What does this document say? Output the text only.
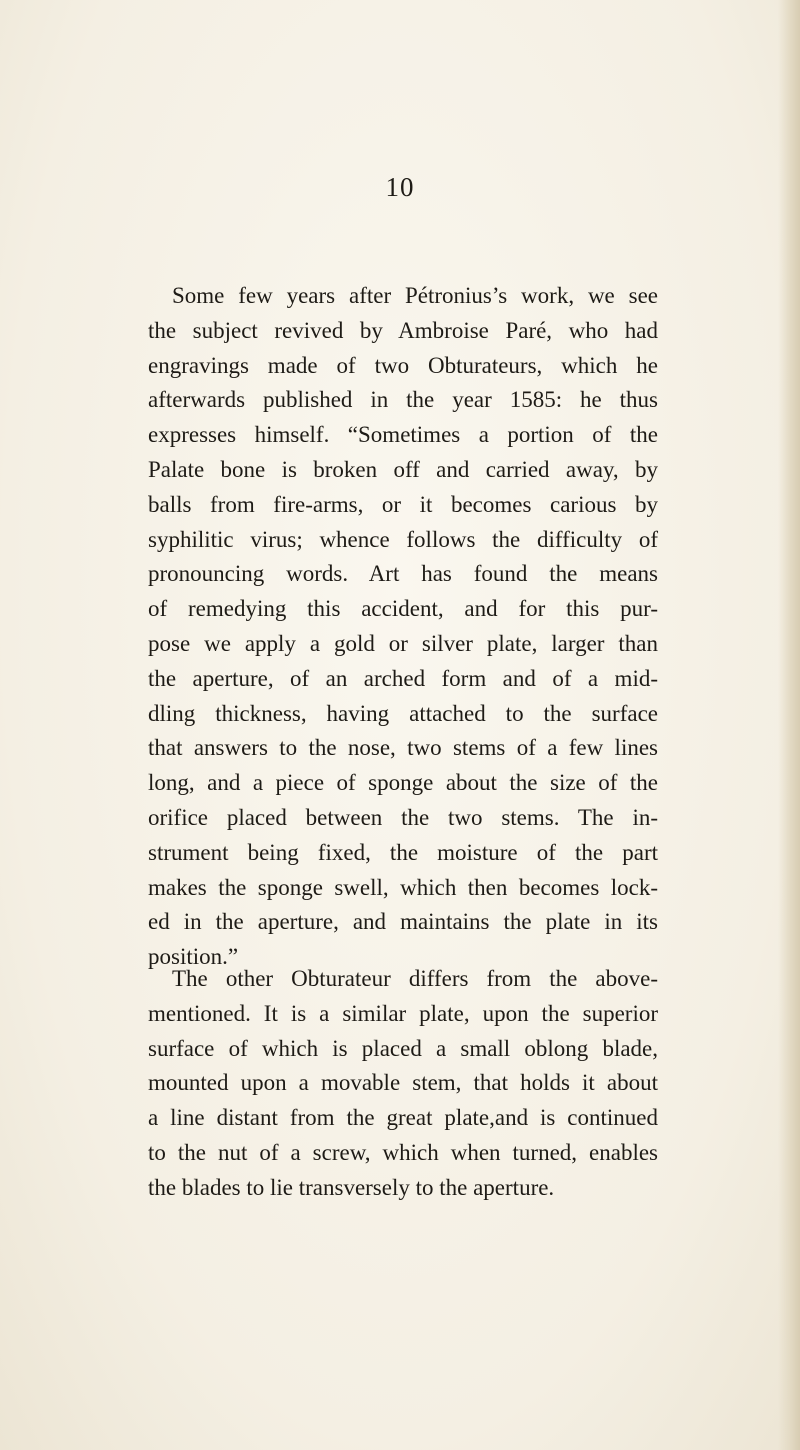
10
Some few years after Pétronius’s work, we see
the subject revived by Ambroise Paré, who had
engravings made of two Obturateurs, which he
afterwards published in the year 1585: he thus
expresses himself. “Sometimes a portion of the
Palate bone is broken off and carried away, by
balls from fire-arms, or it becomes carious by
syphilitic virus; whence follows the difficulty of
pronouncing words. Art has found the means
of remedying this accident, and for this pur-
pose we apply a gold or silver plate, larger than
the aperture, of an arched form and of a mid-
dling thickness, having attached to the surface
that answers to the nose, two stems of a few lines
long, and a piece of sponge about the size of the
orifice placed between the two stems. The in-
strument being fixed, the moisture of the part
makes the sponge swell, which then becomes lock-
ed in the aperture, and maintains the plate in its
position.”
The other Obturateur differs from the above-
mentioned. It is a similar plate, upon the superior
surface of which is placed a small oblong blade,
mounted upon a movable stem, that holds it about
a line distant from the great plate,and is continued
to the nut of a screw, which when turned, enables
the blades to lie transversely to the aperture.
